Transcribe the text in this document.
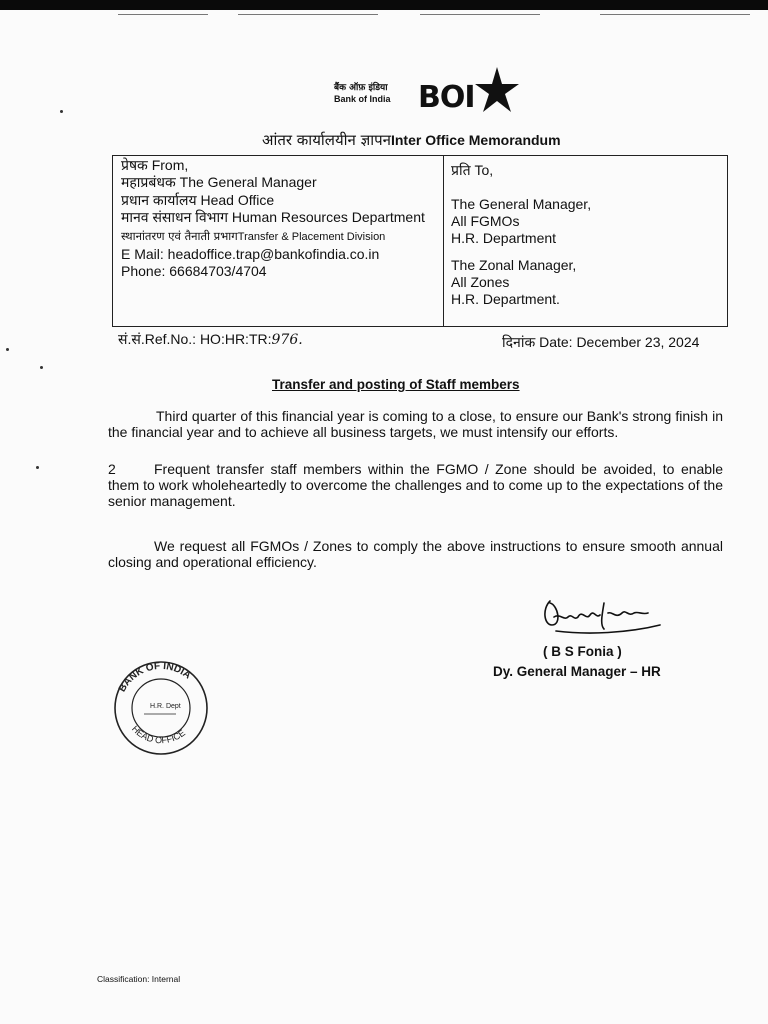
बैंक ऑफ़ इंडिया
Bank of India BOI
आंतर कार्यालयीन ज्ञापनInter Office Memorandum
प्रेषक From,
महाप्रबंधक The General Manager
प्रधान कार्यालय Head Office
मानव संसाधन विभाग Human Resources Department
स्थानांतरण एवं तैनाती प्रभागTransfer & Placement Division
E Mail: headoffice.trap@bankofindia.co.in
Phone: 66684703/4704
प्रति To,
The General Manager,
All FGMOs
H.R. Department
The Zonal Manager,
All Zones
H.R. Department.
सं.सं.Ref.No.: HO:HR:TR:976.	दिनांक Date: December 23, 2024
Transfer and posting of Staff members
Third quarter of this financial year is coming to a close, to ensure our Bank's strong finish in the financial year and to achieve all business targets, we must intensify our efforts.
2	Frequent transfer staff members within the FGMO / Zone should be avoided, to enable them to work wholeheartedly to overcome the challenges and to come up to the expectations of the senior management.
We request all FGMOs / Zones to comply the above instructions to ensure smooth annual closing and operational efficiency.
( B S Fonia )
Dy. General Manager – HR
BANK OF INDIA
HEAD OFFICE
H.R. Dept
Classification: Internal
